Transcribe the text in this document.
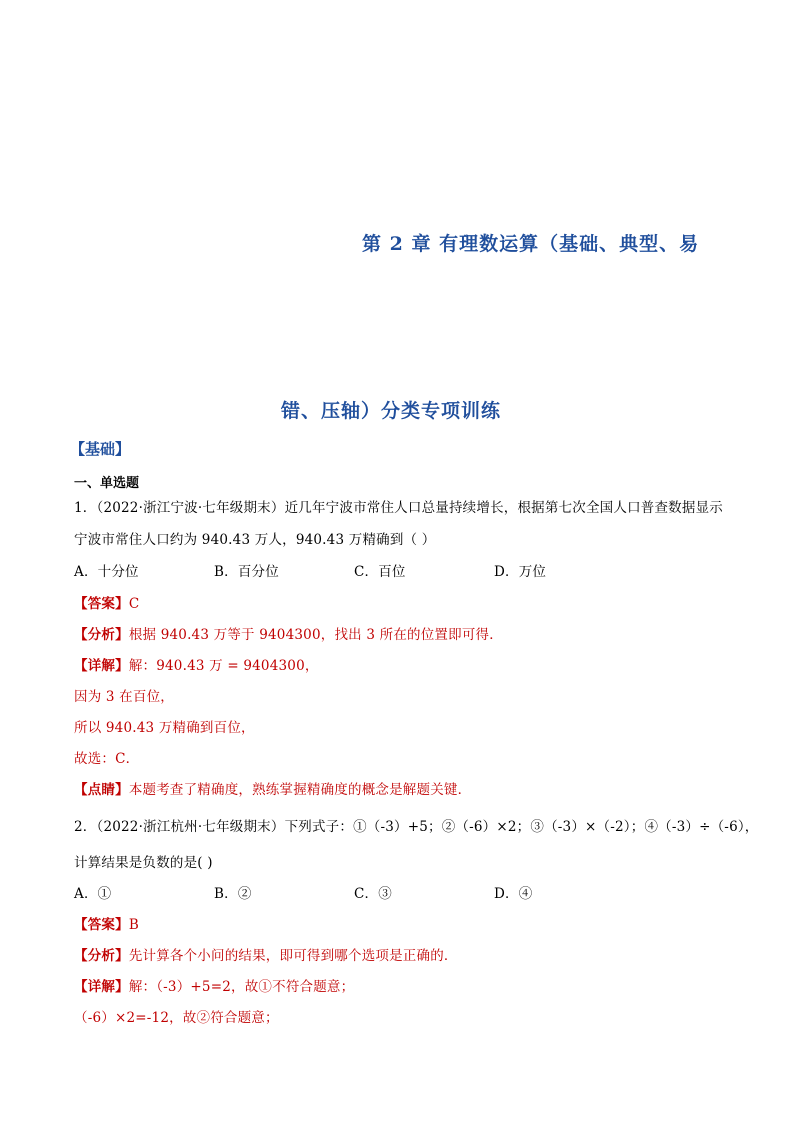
第 2 章 有理数运算（基础、典型、易
错、压轴）分类专项训练
【基础】
一、单选题
1．（2022·浙江宁波·七年级期末）近几年宁波市常住人口总量持续增长，根据第七次全国人口普查数据显示
宁波市常住人口约为 940.43 万人，940.43 万精确到（ ）
A．十分位	B．百分位	C．百位	D．万位
【答案】C
【分析】根据 940.43 万等于 9404300，找出 3 所在的位置即可得．
【详解】解：940.43 万 = 9404300，
因为 3 在百位，
所以 940.43 万精确到百位，
故选：C．
【点睛】本题考查了精确度，熟练掌握精确度的概念是解题关键．
2．（2022·浙江杭州·七年级期末）下列式子：①（-3）+5；②（-6）×2；③（-3）×（-2）；④（-3）÷（-6），
计算结果是负数的是( )
A．①	B．②	C．③	D．④
【答案】B
【分析】先计算各个小问的结果，即可得到哪个选项是正确的．
【详解】解：（-3）+5=2，故①不符合题意；
（-6）×2=-12，故②符合题意；
